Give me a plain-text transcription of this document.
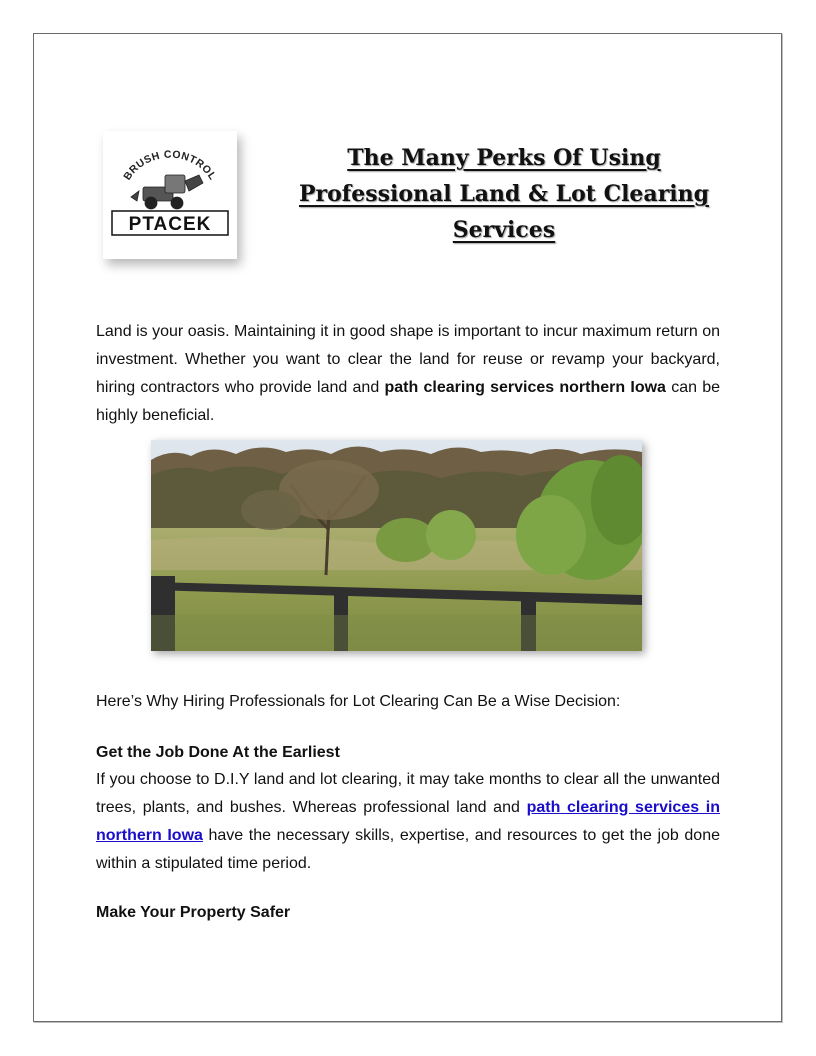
BRUSH CONTROL
PTACEK
The Many Perks Of Using Professional Land & Lot Clearing Services

Land is your oasis. Maintaining it in good shape is important to incur maximum return on investment. Whether you want to clear the land for reuse or revamp your backyard, hiring contractors who provide land and path clearing services northern Iowa can be highly beneficial.

Here’s Why Hiring Professionals for Lot Clearing Can Be a Wise Decision:

Get the Job Done At the Earliest

If you choose to D.I.Y land and lot clearing, it may take months to clear all the unwanted trees, plants, and bushes. Whereas professional land and path clearing services in northern Iowa have the necessary skills, expertise, and resources to get the job done within a stipulated time period.

Make Your Property Safer
